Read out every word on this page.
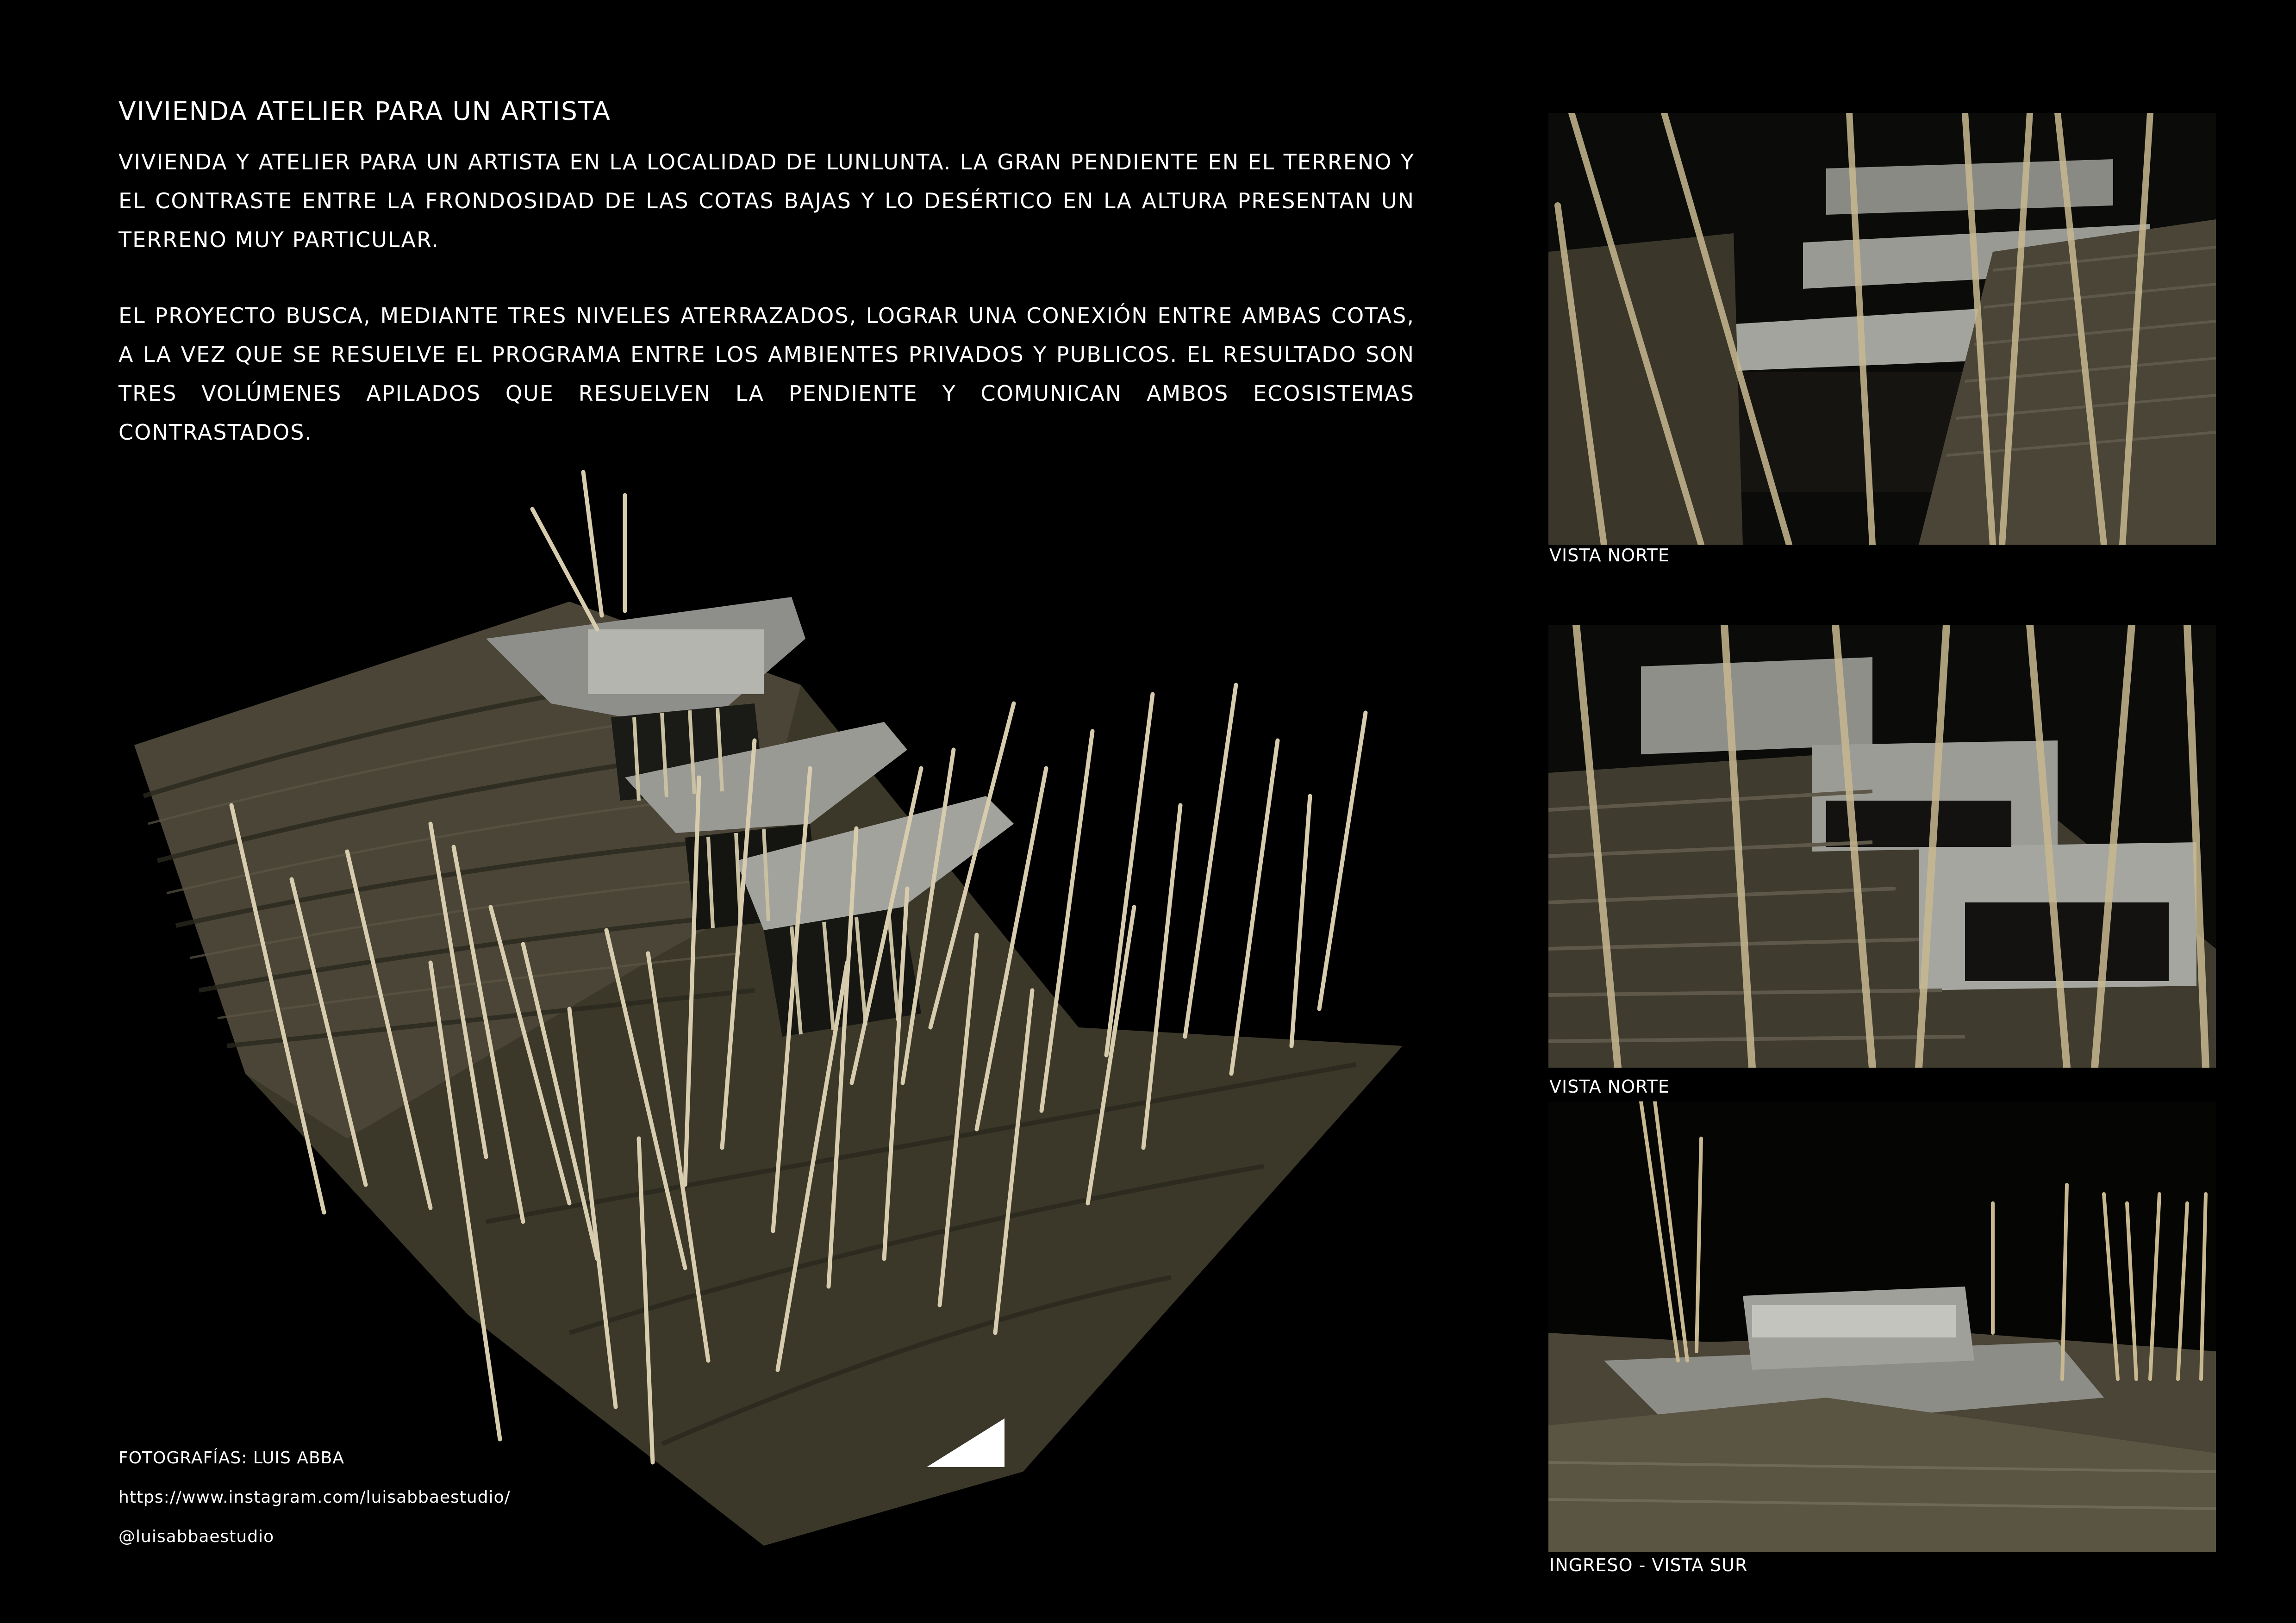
VIVIENDA ATELIER PARA UN ARTISTA

VIVIENDA Y ATELIER PARA UN ARTISTA EN LA LOCALIDAD DE LUNLUNTA. LA GRAN PENDIENTE EN EL TERRENO Y EL CONTRASTE ENTRE LA FRONDOSIDAD DE LAS COTAS BAJAS Y LO DESÉRTICO EN LA ALTURA PRESENTAN UN TERRENO MUY PARTICULAR.

EL PROYECTO BUSCA, MEDIANTE TRES NIVELES ATERRAZADOS, LOGRAR UNA CONEXIÓN ENTRE AMBAS COTAS, A LA VEZ QUE SE RESUELVE EL PROGRAMA ENTRE LOS AMBIENTES PRIVADOS Y PUBLICOS. EL RESULTADO SON TRES VOLÚMENES APILADOS QUE RESUELVEN LA PENDIENTE Y COMUNICAN AMBOS ECOSISTEMAS CONTRASTADOS.

FOTOGRAFÍAS: LUIS ABBA
https://www.instagram.com/luisabbaestudio/
@luisabbaestudio
VISTA NORTE
VISTA NORTE
INGRESO - VISTA SUR
